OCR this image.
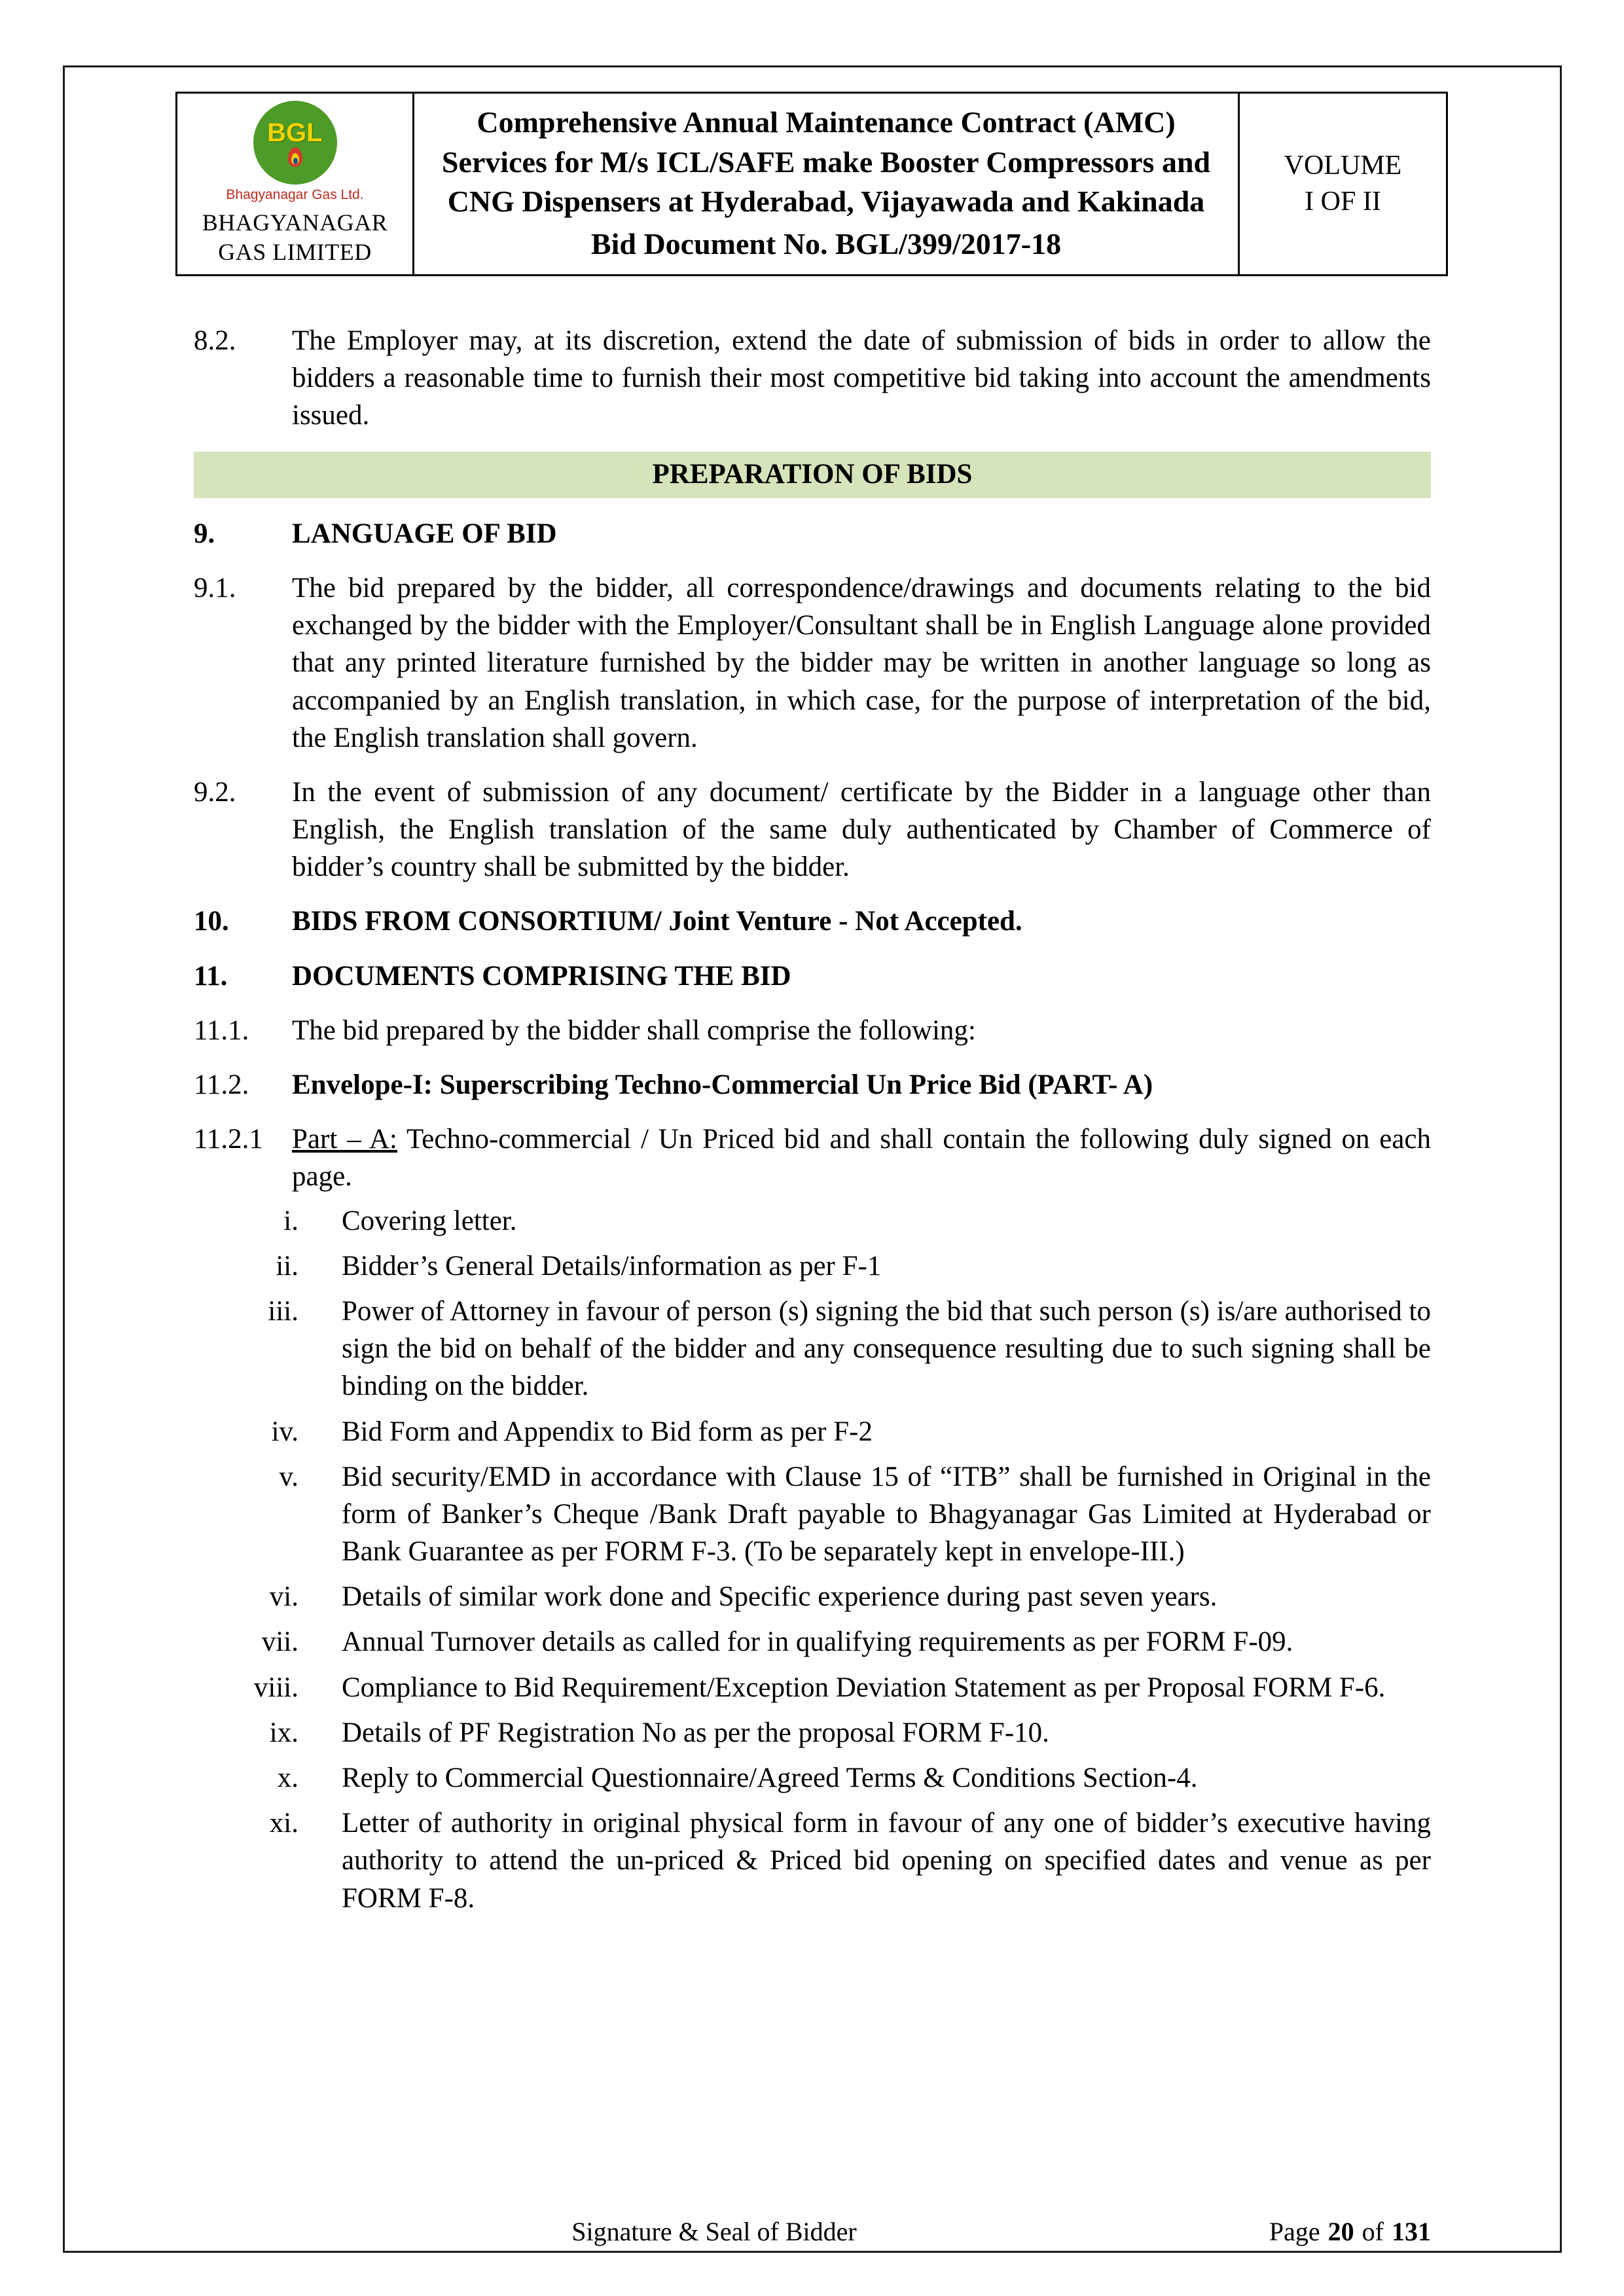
BGL
Bhagyanagar Gas Ltd.
BHAGYANAGAR
GAS LIMITED

Comprehensive Annual Maintenance Contract (AMC) Services for M/s ICL/SAFE make Booster Compressors and CNG Dispensers at Hyderabad, Vijayawada and Kakinada
Bid Document No. BGL/399/2017-18

VOLUME
I OF II
8.2.	The Employer may, at its discretion, extend the date of submission of bids in order to allow the bidders a reasonable time to furnish their most competitive bid taking into account the amendments issued.
PREPARATION OF BIDS
9.	LANGUAGE OF BID
9.1.	The bid prepared by the bidder, all correspondence/drawings and documents relating to the bid exchanged by the bidder with the Employer/Consultant shall be in English Language alone provided that any printed literature furnished by the bidder may be written in another language so long as accompanied by an English translation, in which case, for the purpose of interpretation of the bid, the English translation shall govern.
9.2.	In the event of submission of any document/ certificate by the Bidder in a language other than English, the English translation of the same duly authenticated by Chamber of Commerce of bidder’s country shall be submitted by the bidder.
10.	BIDS FROM CONSORTIUM/ Joint Venture - Not Accepted.
11.	DOCUMENTS COMPRISING THE BID
11.1.	The bid prepared by the bidder shall comprise the following:
11.2.	Envelope-I: Superscribing Techno-Commercial Un Price Bid (PART- A)
11.2.1	Part – A: Techno-commercial / Un Priced bid and shall contain the following duly signed on each page.
i. Covering letter.
ii. Bidder’s General Details/information as per F-1
iii. Power of Attorney in favour of person (s) signing the bid that such person (s) is/are authorised to sign the bid on behalf of the bidder and any consequence resulting due to such signing shall be binding on the bidder.
iv. Bid Form and Appendix to Bid form as per F-2
v. Bid security/EMD in accordance with Clause 15 of “ITB” shall be furnished in Original in the form of Banker’s Cheque /Bank Draft payable to Bhagyanagar Gas Limited at Hyderabad or Bank Guarantee as per FORM F-3. (To be separately kept in envelope-III.)
vi. Details of similar work done and Specific experience during past seven years.
vii. Annual Turnover details as called for in qualifying requirements as per FORM F-09.
viii. Compliance to Bid Requirement/Exception Deviation Statement as per Proposal FORM F-6.
ix. Details of PF Registration No as per the proposal FORM F-10.
x. Reply to Commercial Questionnaire/Agreed Terms & Conditions Section-4.
xi. Letter of authority in original physical form in favour of any one of bidder’s executive having authority to attend the un-priced & Priced bid opening on specified dates and venue as per FORM F-8.
Signature & Seal of Bidder	Page 20 of 131
